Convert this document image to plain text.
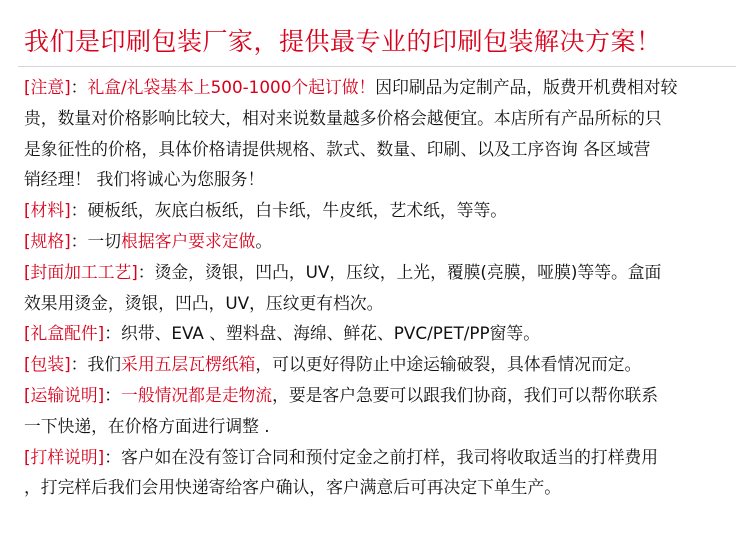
我们是印刷包装厂家，提供最专业的印刷包装解决方案！
[注意]：礼盒/礼袋基本上500-1000个起订做！因印刷品为定制产品，版费开机费相对较
贵，数量对价格影响比较大，相对来说数量越多价格会越便宜。本店所有产品所标的只
是象征性的价格，具体价格请提供规格、款式、数量、印刷、以及工序咨询 各区域营
销经理！ 我们将诚心为您服务！
[材料]：硬板纸，灰底白板纸，白卡纸，牛皮纸，艺术纸，等等。
[规格]：一切根据客户要求定做。
[封面加工工艺]：烫金，烫银，凹凸，UV，压纹，上光，覆膜(亮膜，哑膜)等等。盒面
效果用烫金，烫银，凹凸，UV，压纹更有档次。
[礼盒配件]：织带、EVA 、塑料盘、海绵、鲜花、PVC/PET/PP窗等。
[包装]：我们采用五层瓦楞纸箱，可以更好得防止中途运输破裂，具体看情况而定。
[运输说明]：一般情况都是走物流，要是客户急要可以跟我们协商，我们可以帮你联系
一下快递，在价格方面进行调整 .
[打样说明]：客户如在没有签订合同和预付定金之前打样，我司将收取适当的打样费用
，打完样后我们会用快递寄给客户确认，客户满意后可再决定下单生产。
